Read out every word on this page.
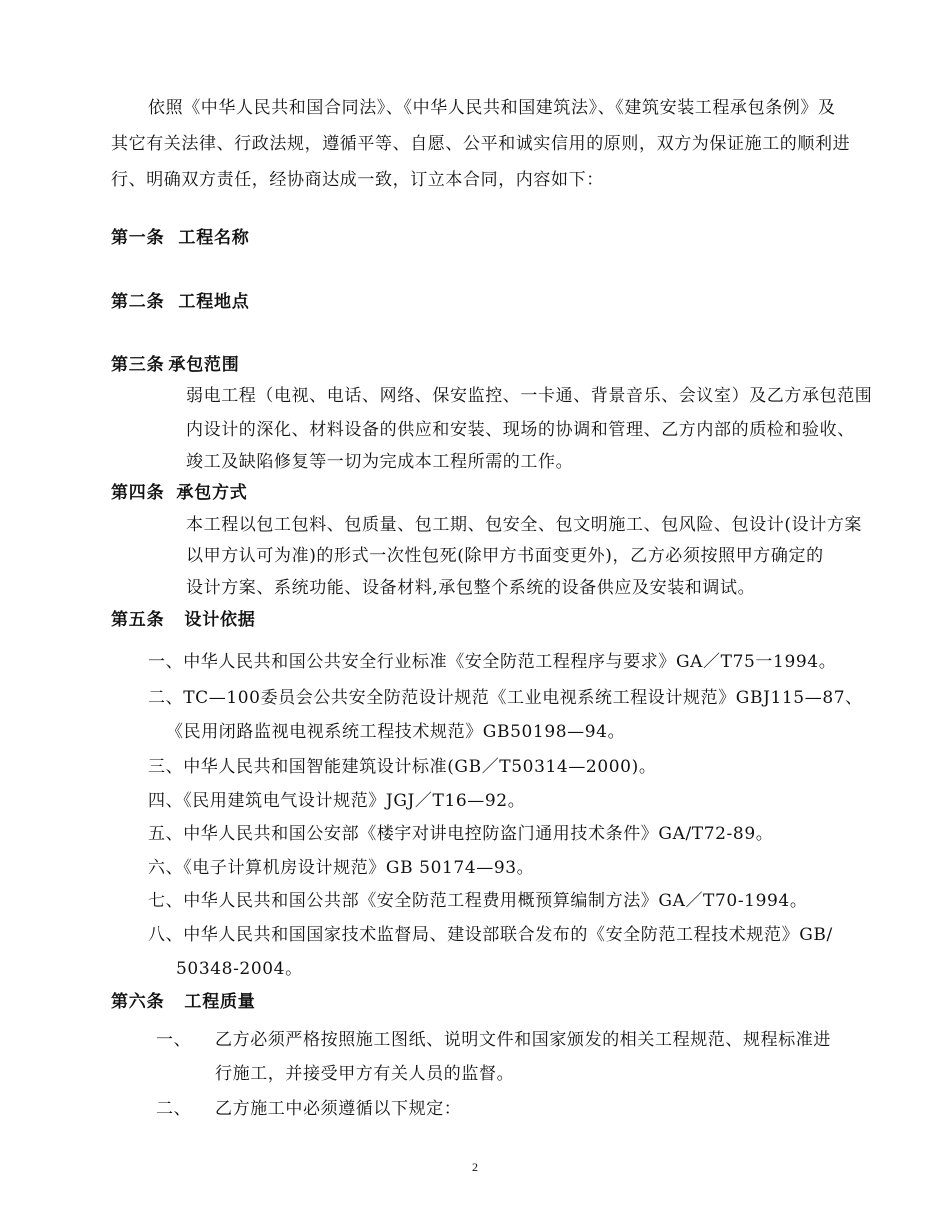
依照《中华人民共和国合同法》、《中华人民共和国建筑法》、《建筑安装工程承包条例》及
其它有关法律、行政法规，遵循平等、自愿、公平和诚实信用的原则，双方为保证施工的顺利进
行、明确双方责任，经协商达成一致，订立本合同，内容如下：
第一条 工程名称
第二条 工程地点
第三条 承包范围
弱电工程（电视、电话、网络、保安监控、一卡通、背景音乐、会议室）及乙方承包范围
内设计的深化、材料设备的供应和安装、现场的协调和管理、乙方内部的质检和验收、
竣工及缺陷修复等一切为完成本工程所需的工作。
第四条 承包方式
本工程以包工包料、包质量、包工期、包安全、包文明施工、包风险、包设计(设计方案
以甲方认可为准)的形式一次性包死(除甲方书面变更外)，乙方必须按照甲方确定的
设计方案、系统功能、设备材料,承包整个系统的设备供应及安装和调试。
第五条 设计依据
一、中华人民共和国公共安全行业标准《安全防范工程程序与要求》GA／T75一1994。
二、TC—100委员会公共安全防范设计规范《工业电视系统工程设计规范》GBJ115—87、
《民用闭路监视电视系统工程技术规范》GB50198—94。
三、中华人民共和国智能建筑设计标准(GB／T50314—2000)。
四、《民用建筑电气设计规范》JGJ／T16—92。
五、中华人民共和国公安部《楼宇对讲电控防盗门通用技术条件》GA/T72-89。
六、《电子计算机房设计规范》GB 50174—93。
七、中华人民共和国公共部《安全防范工程费用概预算编制方法》GA／T70-1994。
八、中华人民共和国国家技术监督局、建设部联合发布的《安全防范工程技术规范》GB/
50348-2004。
第六条 工程质量
一、 乙方必须严格按照施工图纸、说明文件和国家颁发的相关工程规范、规程标准进
行施工，并接受甲方有关人员的监督。
二、 乙方施工中必须遵循以下规定：
2
